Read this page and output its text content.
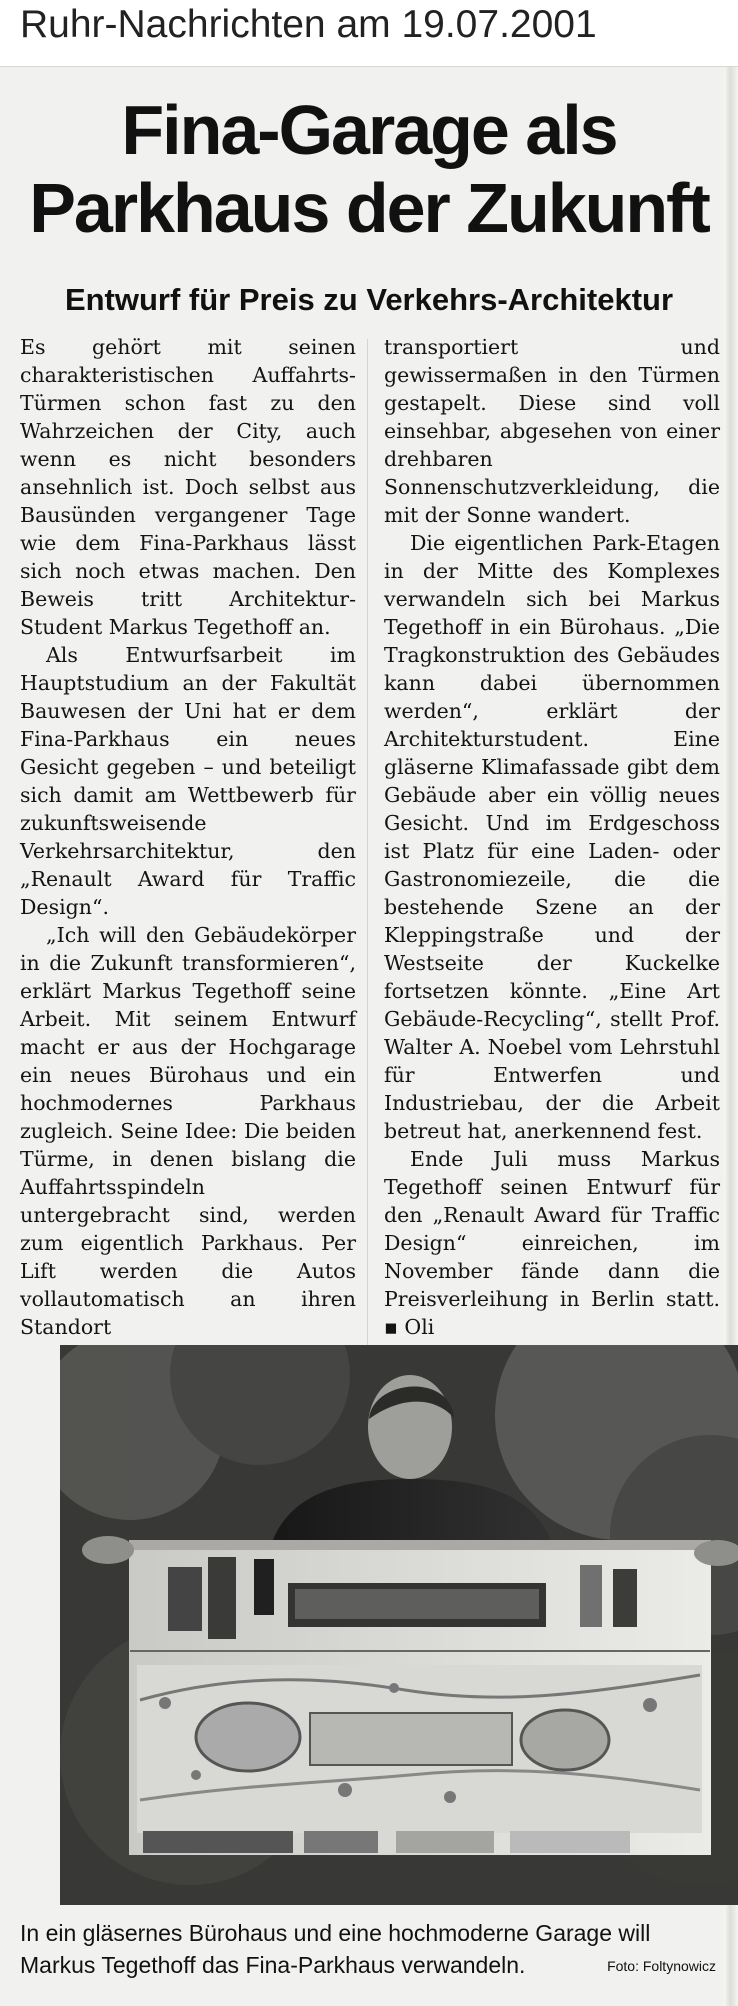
Ruhr-Nachrichten am 19.07.2001
Fina-Garage als
Parkhaus der Zukunft
Entwurf für Preis zu Verkehrs-Architektur

Es gehört mit seinen charakteristischen Auffahrts-Türmen schon fast zu den Wahrzeichen der City, auch wenn es nicht besonders ansehnlich ist. Doch selbst aus Bausünden vergangener Tage wie dem Fina-Parkhaus lässt sich noch etwas machen. Den Beweis tritt Architektur-Student Markus Tegethoff an.

Als Entwurfsarbeit im Hauptstudium an der Fakultät Bauwesen der Uni hat er dem Fina-Parkhaus ein neues Gesicht gegeben – und beteiligt sich damit am Wettbewerb für zukunftsweisende Verkehrsarchitektur, den „Renault Award für Traffic Design“.

„Ich will den Gebäudekörper in die Zukunft transformieren“, erklärt Markus Tegethoff seine Arbeit. Mit seinem Entwurf macht er aus der Hochgarage ein neues Bürohaus und ein hochmodernes Parkhaus zugleich. Seine Idee: Die beiden Türme, in denen bislang die Auffahrtsspindeln untergebracht sind, werden zum eigentlich Parkhaus. Per Lift werden die Autos vollautomatisch an ihren Standort

transportiert und gewissermaßen in den Türmen gestapelt. Diese sind voll einsehbar, abgesehen von einer drehbaren Sonnenschutzverkleidung, die mit der Sonne wandert.

Die eigentlichen Park-Etagen in der Mitte des Komplexes verwandeln sich bei Markus Tegethoff in ein Bürohaus. „Die Tragkonstruktion des Gebäudes kann dabei übernommen werden“, erklärt der Architekturstudent. Eine gläserne Klimafassade gibt dem Gebäude aber ein völlig neues Gesicht. Und im Erdgeschoss ist Platz für eine Laden- oder Gastronomiezeile, die die bestehende Szene an der Kleppingstraße und der Westseite der Kuckelke fortsetzen könnte. „Eine Art Gebäude-Recycling“, stellt Prof. Walter A. Noebel vom Lehrstuhl für Entwerfen und Industriebau, der die Arbeit betreut hat, anerkennend fest.

Ende Juli muss Markus Tegethoff seinen Entwurf für den „Renault Award für Traffic Design“ einreichen, im November fände dann die Preisverleihung in Berlin statt. ▪ Oli

In ein gläsernes Bürohaus und eine hochmoderne Garage will Markus Tegethoff das Fina-Parkhaus verwandeln.	Foto: Foltynowicz
